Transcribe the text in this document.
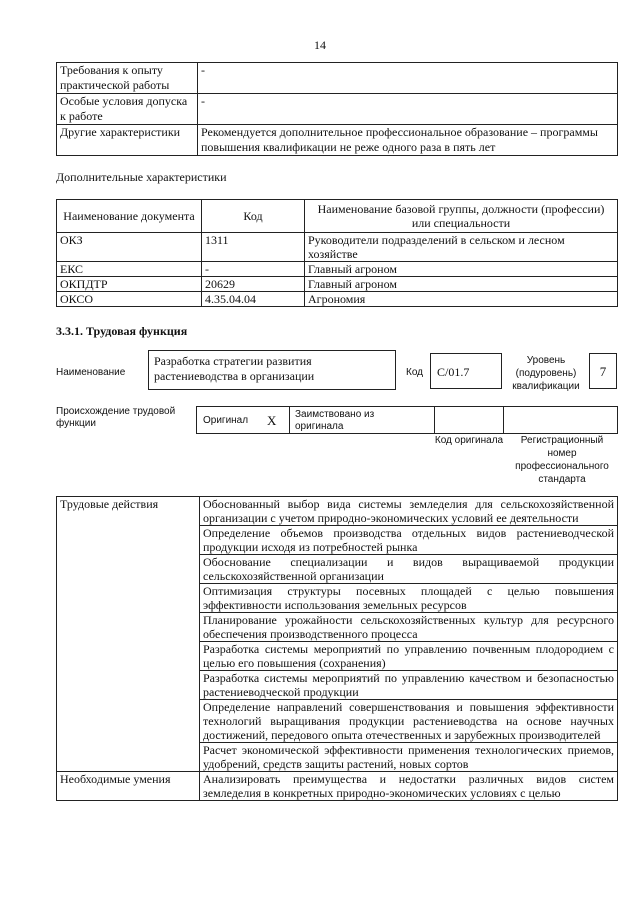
14
Требования к опыту практической работы	-
Особые условия допуска к работе	-
Другие характеристики	Рекомендуется дополнительное профессиональное образование – программы повышения квалификации не реже одного раза в пять лет
Дополнительные характеристики
Наименование документа	Код	Наименование базовой группы, должности (профессии) или специальности
ОКЗ	1311	Руководители подразделений в сельском и лесном хозяйстве
ЕКС	-	Главный агроном
ОКПДТР	20629	Главный агроном
ОКСО	4.35.04.04	Агрономия
3.3.1. Трудовая функция
Наименование
Разработка стратегии развития растениеводства в организации	Код	C/01.7
Уровень (подуровень) квалификации
7
Происхождение трудовой функции	Оригинал X Заимствовано из оригинала
Код оригинала	Регистрационный номер профессионального стандарта
Трудовые действия	Обоснованный выбор вида системы земледелия для сельскохозяйственной организации с учетом природно-экономических условий ее деятельности
	Определение объемов производства отдельных видов растениеводческой продукции исходя из потребностей рынка
	Обоснование специализации и видов выращиваемой продукции сельскохозяйственной организации
	Оптимизация структуры посевных площадей с целью повышения эффективности использования земельных ресурсов
	Планирование урожайности сельскохозяйственных культур для ресурсного обеспечения производственного процесса
	Разработка системы мероприятий по управлению почвенным плодородием с целью его повышения (сохранения)
	Разработка системы мероприятий по управлению качеством и безопасностью растениеводческой продукции
	Определение направлений совершенствования и повышения эффективности технологий выращивания продукции растениеводства на основе научных достижений, передового опыта отечественных и зарубежных производителей
	Расчет экономической эффективности применения технологических приемов, удобрений, средств защиты растений, новых сортов
Необходимые умения	Анализировать преимущества и недостатки различных видов систем земледелия в конкретных природно-экономических условиях с целью
